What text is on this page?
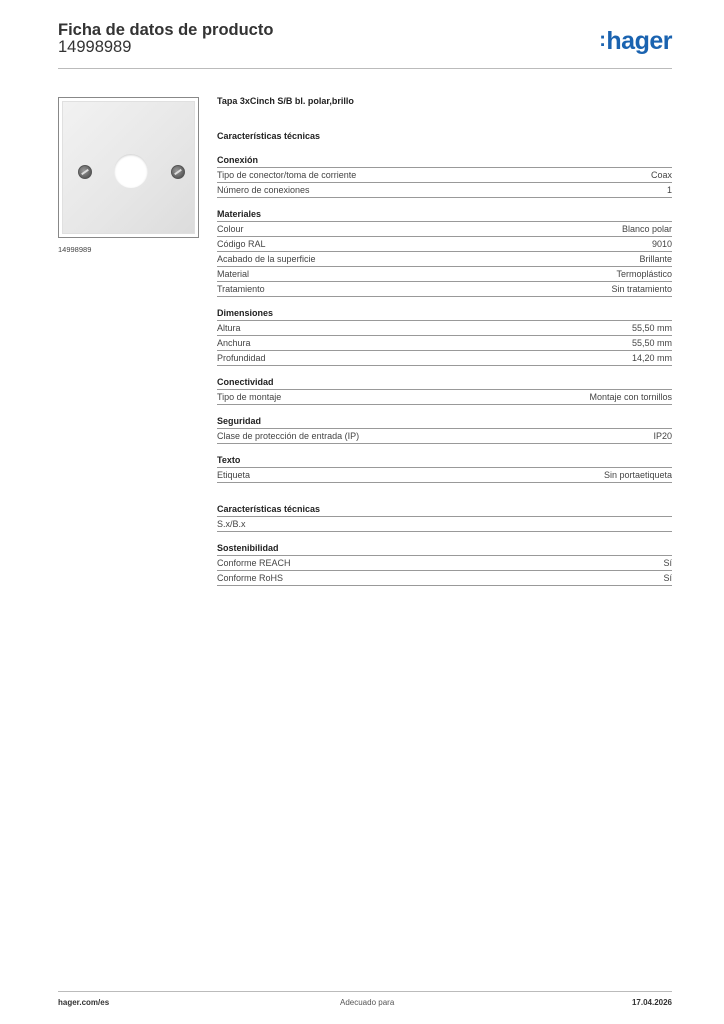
Ficha de datos de producto
14998989	:hager
14998989
Tapa 3xCinch S/B bl. polar,brillo
Características técnicas
Conexión
Tipo de conector/toma de corriente	Coax
Número de conexiones	1
Materiales
Colour	Blanco polar
Código RAL	9010
Acabado de la superficie	Brillante
Material	Termoplástico
Tratamiento	Sin tratamiento
Dimensiones
Altura	55,50 mm
Anchura	55,50 mm
Profundidad	14,20 mm
Conectividad
Tipo de montaje	Montaje con tornillos
Seguridad
Clase de protección de entrada (IP)	IP20
Texto
Etiqueta	Sin portaetiqueta
Características técnicas
S.x/B.x
Sostenibilidad
Conforme REACH	Sí
Conforme RoHS	Sí
hager.com/es	Adecuado para	17.04.2026
